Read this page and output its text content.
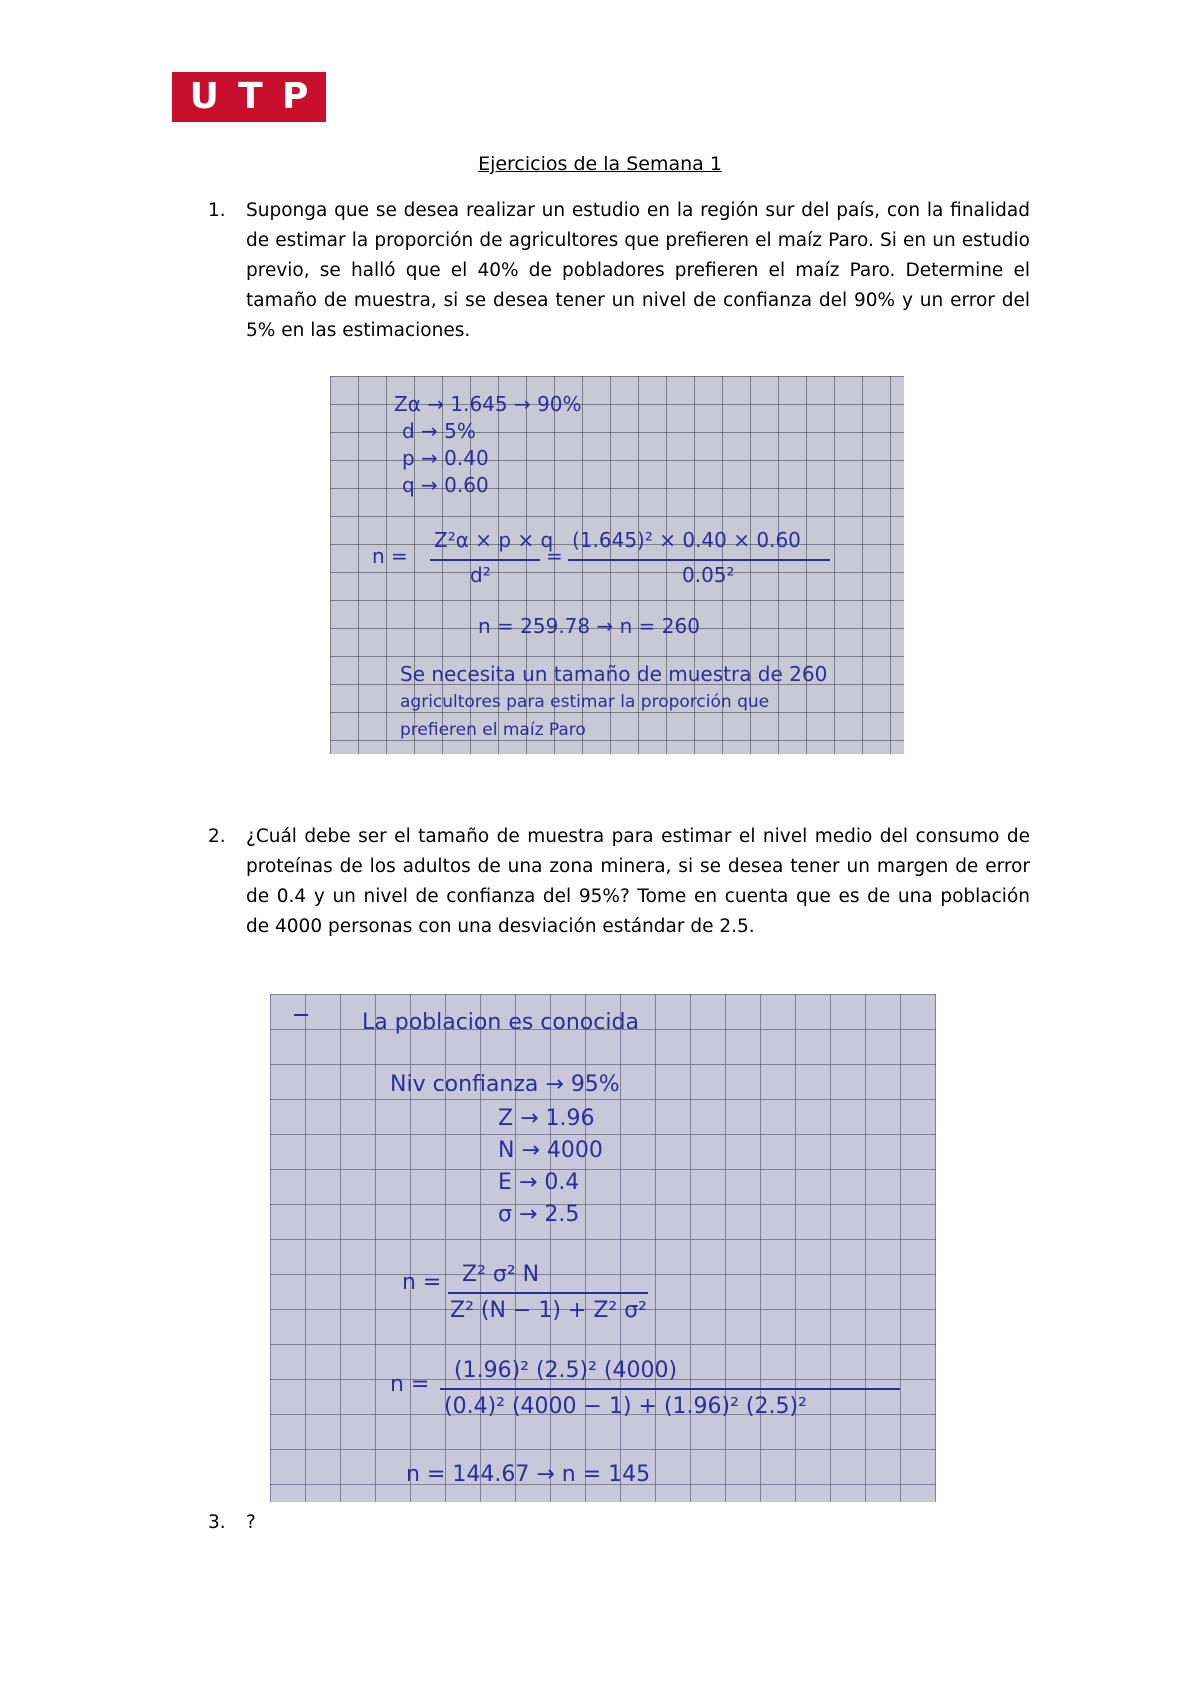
U T P
Ejercicios de la Semana 1
1. Suponga que se desea realizar un estudio en la región sur del país, con la finalidad de estimar la proporción de agricultores que prefieren el maíz Paro. Si en un estudio previo, se halló que el 40% de pobladores prefieren el maíz Paro. Determine el tamaño de muestra, si se desea tener un nivel de confianza del 90% y un error del 5% en las estimaciones.
Zα → 1.645 → 90%
d → 5%
p → 0.40
q → 0.60
n =
Z²α × p × q
d²
=
(1.645)² × 0.40 × 0.60
0.05²
n = 259.78 → n = 260
Se necesita un tamaño de muestra de 260
agricultores para estimar la proporción que
prefieren el maíz Paro
2. ¿Cuál debe ser el tamaño de muestra para estimar el nivel medio del consumo de proteínas de los adultos de una zona minera, si se desea tener un margen de error de 0.4 y un nivel de confianza del 95%? Tome en cuenta que es de una población de 4000 personas con una desviación estándar de 2.5.
La poblacion es conocida
Niv confianza → 95%
Z → 1.96
N → 4000
E → 0.4
σ → 2.5
n = Z² σ² N
Z² (N − 1) + Z² σ²
n =
(1.96)² (2.5)² (4000)
(0.4)² (4000 − 1) + (1.96)² (2.5)²
n = 144.67 → n = 145
3. ?
